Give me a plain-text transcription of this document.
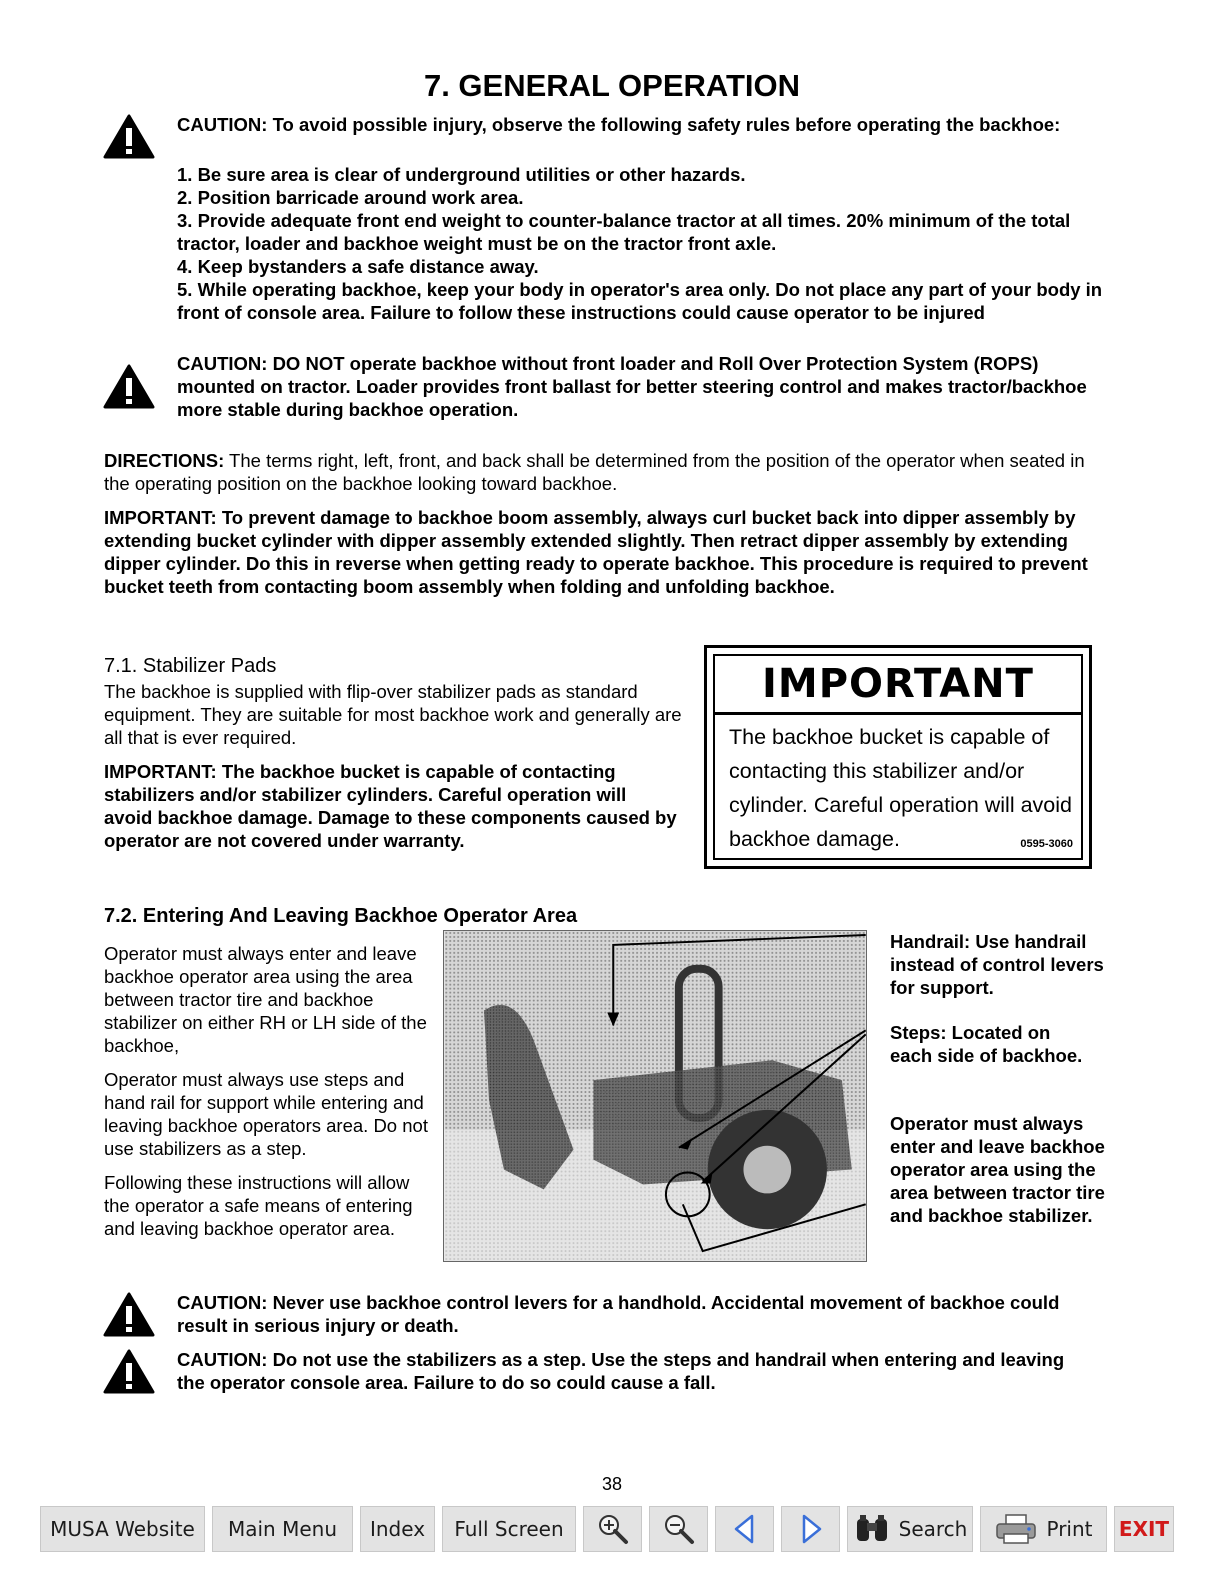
7. GENERAL OPERATION
CAUTION: To avoid possible injury, observe the following safety rules before operating the backhoe:

1. Be sure area is clear of underground utilities or other hazards.

2. Position barricade around work area.

3. Provide adequate front end weight to counter-balance tractor at all times. 20% minimum of the total tractor, loader and backhoe weight must be on the tractor front axle.

4. Keep bystanders a safe distance away.

5. While operating backhoe, keep your body in operator's area only. Do not place any part of your body in front of console area. Failure to follow these instructions could cause operator to be injured

CAUTION: DO NOT operate backhoe without front loader and Roll Over Protection System (ROPS) mounted on tractor. Loader provides front ballast for better steering control and makes tractor/backhoe more stable during backhoe operation.
DIRECTIONS: The terms right, left, front, and back shall be determined from the position of the operator when seated in the operating position on the backhoe looking toward backhoe.
IMPORTANT: To prevent damage to backhoe boom assembly, always curl bucket back into dipper assembly by extending bucket cylinder with dipper assembly extended slightly. Then retract dipper assembly by extending dipper cylinder. Do this in reverse when getting ready to operate backhoe. This procedure is required to prevent bucket teeth from contacting boom assembly when folding and unfolding backhoe.
7.1. Stabilizer Pads
The backhoe is supplied with flip-over stabilizer pads as standard equipment. They are suitable for most backhoe work and generally are all that is ever required.
IMPORTANT: The backhoe bucket is capable of contacting stabilizers and/or stabilizer cylinders. Careful operation will avoid backhoe damage. Damage to these components caused by operator are not covered under warranty.
IMPORTANT
The backhoe bucket is capable of contacting this stabilizer and/or cylinder. Careful operation will avoid backhoe damage.	0595-3060
7.2. Entering And Leaving Backhoe Operator Area

Operator must always enter and leave backhoe operator area using the area between tractor tire and backhoe stabilizer on either RH or LH side of the backhoe,

Operator must always use steps and hand rail for support while entering and leaving backhoe operators area. Do not use stabilizers as a step.

Following these instructions will allow the operator a safe means of entering and leaving backhoe operator area.

Handrail: Use handrail instead of control levers for support.
Steps: Located on each side of backhoe.
Operator must always enter and leave backhoe operator area using the area between tractor tire and backhoe stabilizer.
CAUTION: Never use backhoe control levers for a handhold. Accidental movement of backhoe could result in serious injury or death.
CAUTION: Do not use the stabilizers as a step. Use the steps and handrail when entering and leaving the operator console area. Failure to do so could cause a fall.
38
MUSA Website Main Menu Index Full Screen	Search	Print EXIT
